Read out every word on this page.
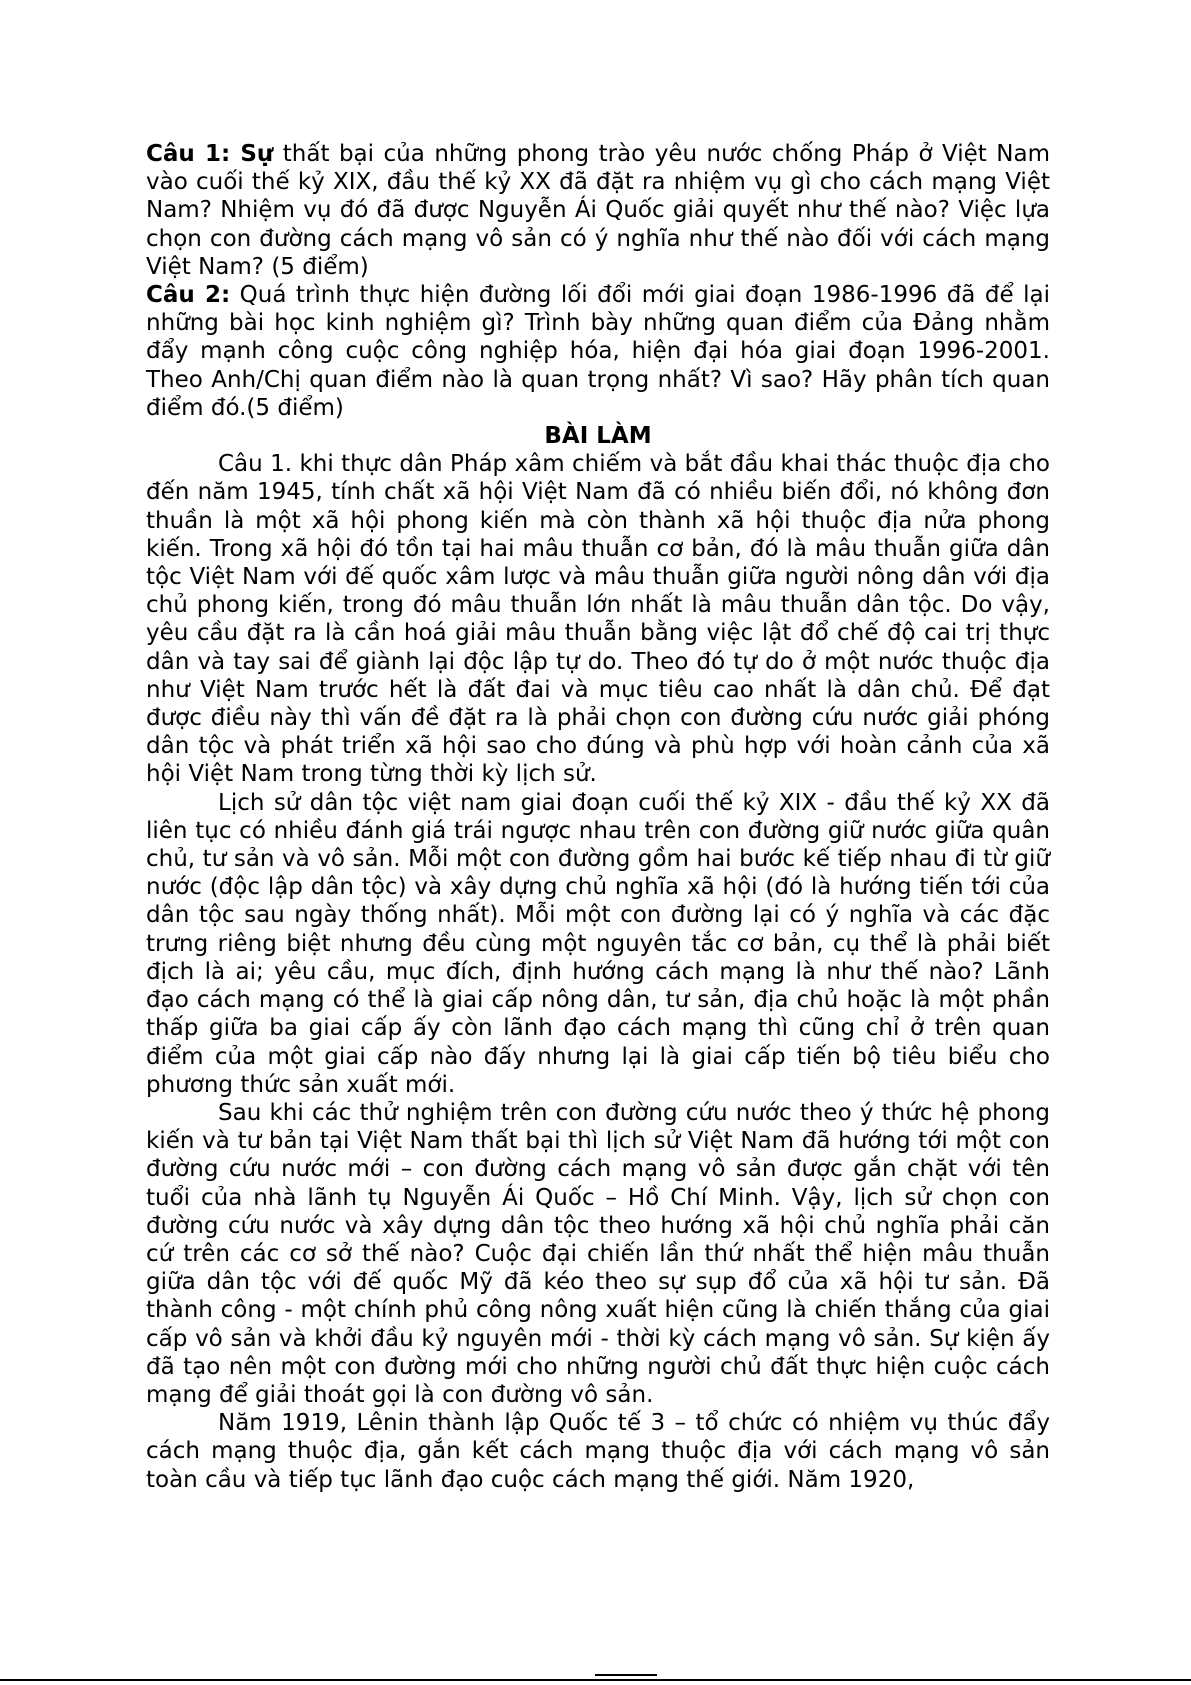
Câu 1: Sự thất bại của những phong trào yêu nước chống Pháp ở Việt Nam vào cuối thế kỷ XIX, đầu thế kỷ XX đã đặt ra nhiệm vụ gì cho cách mạng Việt Nam? Nhiệm vụ đó đã được Nguyễn Ái Quốc giải quyết như thế nào? Việc lựa chọn con đường cách mạng vô sản có ý nghĩa như thế nào đối với cách mạng Việt Nam? (5 điểm)

Câu 2: Quá trình thực hiện đường lối đổi mới giai đoạn 1986-1996 đã để lại những bài học kinh nghiệm gì? Trình bày những quan điểm của Đảng nhằm đẩy mạnh công cuộc công nghiệp hóa, hiện đại hóa giai đoạn 1996-2001. Theo Anh/Chị quan điểm nào là quan trọng nhất? Vì sao? Hãy phân tích quan điểm đó.(5 điểm)

BÀI LÀM

Câu 1. khi thực dân Pháp xâm chiếm và bắt đầu khai thác thuộc địa cho đến năm 1945, tính chất xã hội Việt Nam đã có nhiều biến đổi, nó không đơn thuần là một xã hội phong kiến mà còn thành xã hội thuộc địa nửa phong kiến. Trong xã hội đó tồn tại hai mâu thuẫn cơ bản, đó là mâu thuẫn giữa dân tộc Việt Nam với đế quốc xâm lược và mâu thuẫn giữa người nông dân với địa chủ phong kiến, trong đó mâu thuẫn lớn nhất là mâu thuẫn dân tộc. Do vậy, yêu cầu đặt ra là cần hoá giải mâu thuẫn bằng việc lật đổ chế độ cai trị thực dân và tay sai để giành lại độc lập tự do. Theo đó tự do ở một nước thuộc địa như Việt Nam trước hết là đất đai và mục tiêu cao nhất là dân chủ. Để đạt được điều này thì vấn đề đặt ra là phải chọn con đường cứu nước giải phóng dân tộc và phát triển xã hội sao cho đúng và phù hợp với hoàn cảnh của xã hội Việt Nam trong từng thời kỳ lịch sử.

Lịch sử dân tộc việt nam giai đoạn cuối thế kỷ XIX - đầu thế kỷ XX đã liên tục có nhiều đánh giá trái ngược nhau trên con đường giữ nước giữa quân chủ, tư sản và vô sản. Mỗi một con đường gồm hai bước kế tiếp nhau đi từ giữ nước (độc lập dân tộc) và xây dựng chủ nghĩa xã hội (đó là hướng tiến tới của dân tộc sau ngày thống nhất). Mỗi một con đường lại có ý nghĩa và các đặc trưng riêng biệt nhưng đều cùng một nguyên tắc cơ bản, cụ thể là phải biết địch là ai; yêu cầu, mục đích, định hướng cách mạng là như thế nào? Lãnh đạo cách mạng có thể là giai cấp nông dân, tư sản, địa chủ hoặc là một phần thấp giữa ba giai cấp ấy còn lãnh đạo cách mạng thì cũng chỉ ở trên quan điểm của một giai cấp nào đấy nhưng lại là giai cấp tiến bộ tiêu biểu cho phương thức sản xuất mới.

Sau khi các thử nghiệm trên con đường cứu nước theo ý thức hệ phong kiến và tư bản tại Việt Nam thất bại thì lịch sử Việt Nam đã hướng tới một con đường cứu nước mới – con đường cách mạng vô sản được gắn chặt với tên tuổi của nhà lãnh tụ Nguyễn Ái Quốc – Hồ Chí Minh. Vậy, lịch sử chọn con đường cứu nước và xây dựng dân tộc theo hướng xã hội chủ nghĩa phải căn cứ trên các cơ sở thế nào? Cuộc đại chiến lần thứ nhất thể hiện mâu thuẫn giữa dân tộc với đế quốc Mỹ đã kéo theo sự sụp đổ của xã hội tư sản. Đã thành công - một chính phủ công nông xuất hiện cũng là chiến thắng của giai cấp vô sản và khởi đầu kỷ nguyên mới - thời kỳ cách mạng vô sản. Sự kiện ấy đã tạo nên một con đường mới cho những người chủ đất thực hiện cuộc cách mạng để giải thoát gọi là con đường vô sản.

Năm 1919, Lênin thành lập Quốc tế 3 – tổ chức có nhiệm vụ thúc đẩy cách mạng thuộc địa, gắn kết cách mạng thuộc địa với cách mạng vô sản toàn cầu và tiếp tục lãnh đạo cuộc cách mạng thế giới. Năm 1920,
